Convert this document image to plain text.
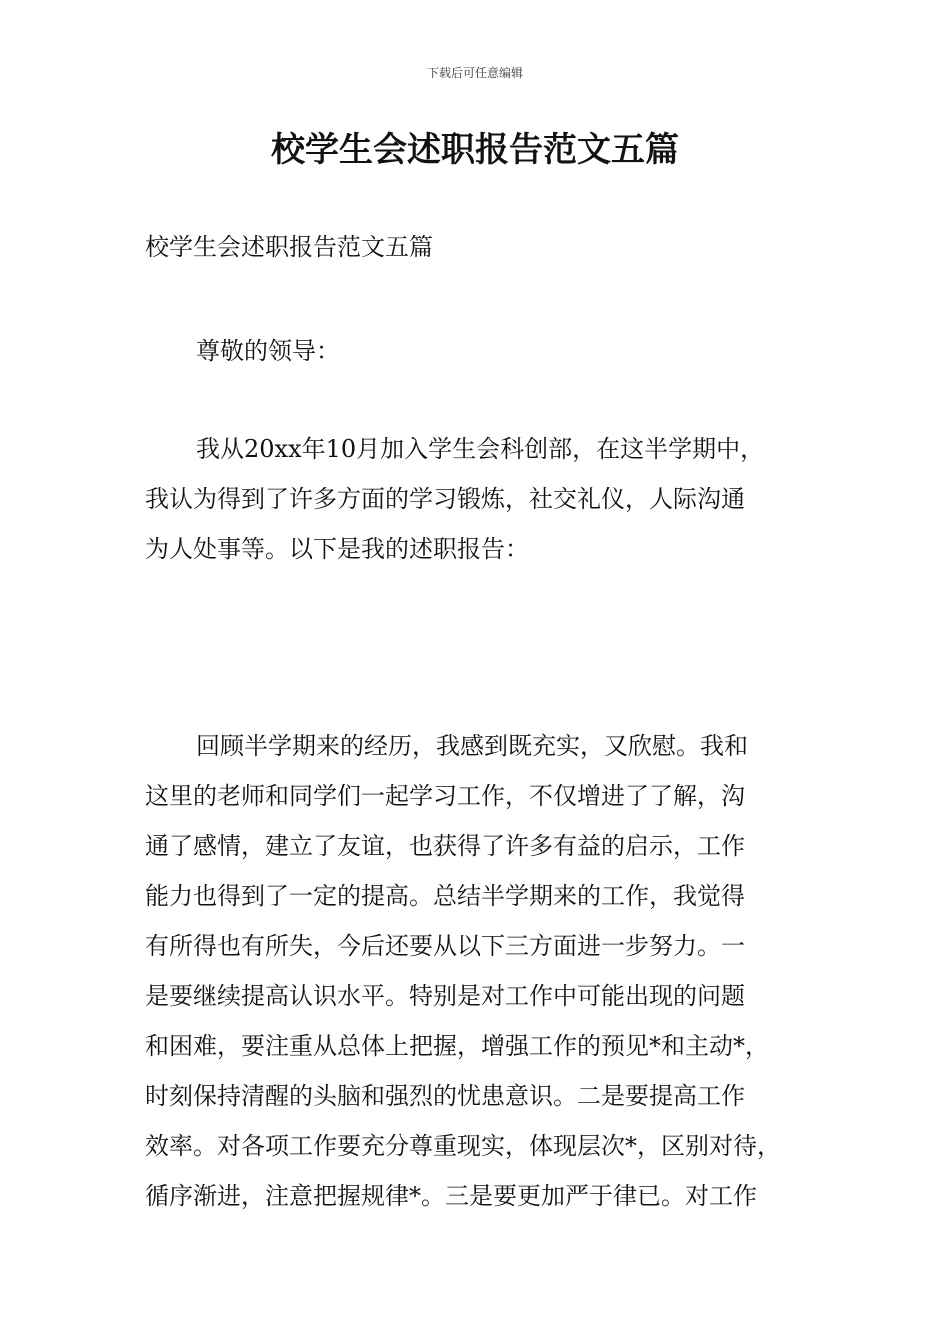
下载后可任意编辑
校学生会述职报告范文五篇
校学生会述职报告范文五篇
尊敬的领导：
我从20xx年10月加入学生会科创部，在这半学期中，
我认为得到了许多方面的学习锻炼，社交礼仪，人际沟通
为人处事等。以下是我的述职报告：
回顾半学期来的经历，我感到既充实，又欣慰。我和
这里的老师和同学们一起学习工作，不仅增进了了解，沟
通了感情，建立了友谊，也获得了许多有益的启示，工作
能力也得到了一定的提高。总结半学期来的工作，我觉得
有所得也有所失，今后还要从以下三方面进一步努力。一
是要继续提高认识水平。特别是对工作中可能出现的问题
和困难，要注重从总体上把握，增强工作的预见*和主动*，
时刻保持清醒的头脑和强烈的忧患意识。二是要提高工作
效率。对各项工作要充分尊重现实，体现层次*，区别对待，
循序渐进，注意把握规律*。三是要更加严于律已。对工作
